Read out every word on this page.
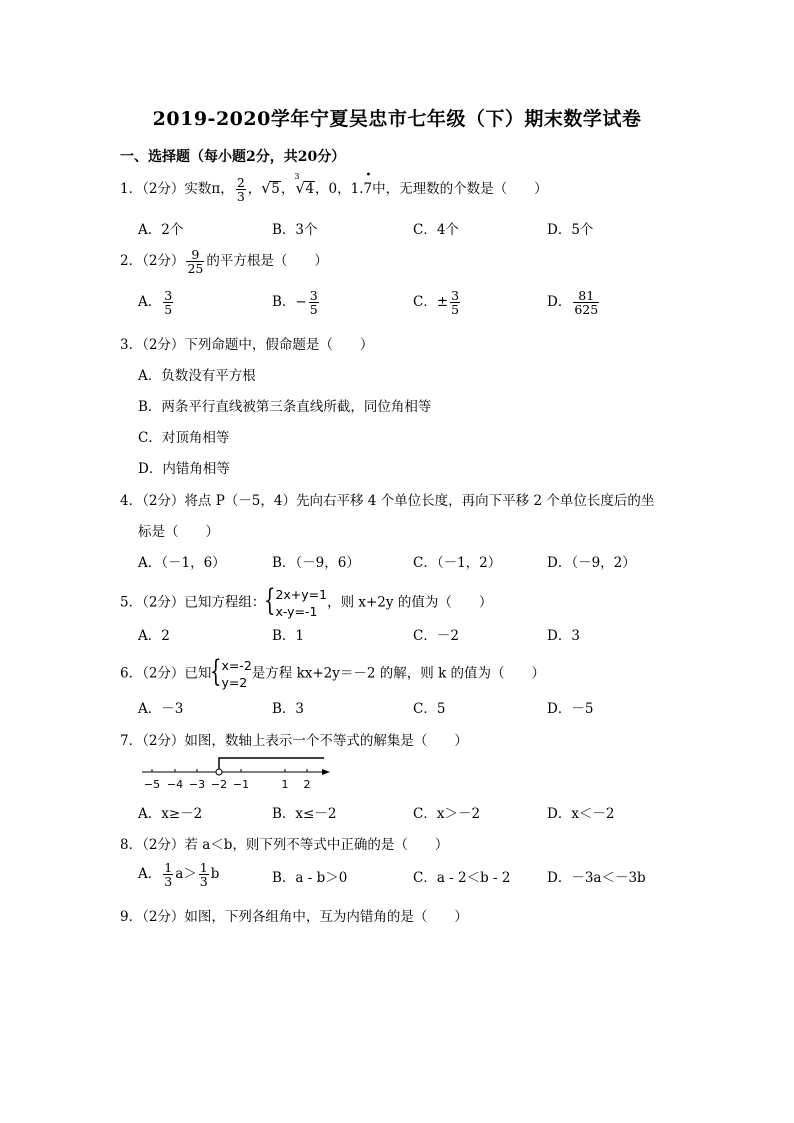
2019-2020学年宁夏吴忠市七年级（下）期末数学试卷
一、选择题（每小题2分，共20分）
1．（2分）实数π， $\frac{2}{3}$ ， √ 5，$^3$
√ 4，0，1.
•
7中，无理数的个数是（　　）
A．2个	B．3个	C．4个	D．5个
2．（2分） $\frac{9}{25}$ 的平方根是（　　）
A． $\frac{3}{5}$	B．− $\frac{3}{5}$	C．± $\frac{3}{5}$	D． $\frac{81}{625}$
3．（2分）下列命题中，假命题是（　　）
A．负数没有平方根
B．两条平行直线被第三条直线所截，同位角相等
C．对顶角相等
D．内错角相等
4．（2分）将点 P（－5，4）先向右平移 4 个单位长度，再向下平移 2 个单位长度后的坐
标是（　　）
A．（－1，6）	B．（－9，6）	C．（－1，2）	D．（－9，2）
5．（2分）已知方程组： { 2x+y=1
x-y=-1
，则 x+2y 的值为（　　）
A．2	B．1	C．－2	D．3
6．（2分）已知 { x=-2
y=2
是方程 kx+2y＝－2 的解，则 k 的值为（　　）
A．－3	B．3	C．5	D．－5
7．（2分）如图，数轴上表示一个不等式的解集是（　　）
−5 −4 −3 −2 −1	1 2
A．x≥－2	B．x≤－2	C．x＞－2	D．x＜－2
8．（2分）若 a＜b，则下列不等式中正确的是（　　）
A． $\frac{1}{3} a> \frac{1}{3}$ b	B．a - b＞0	C．a - 2＜b - 2	D．－3a＜－3b
9．（2分）如图，下列各组角中，互为内错角的是（　　）
